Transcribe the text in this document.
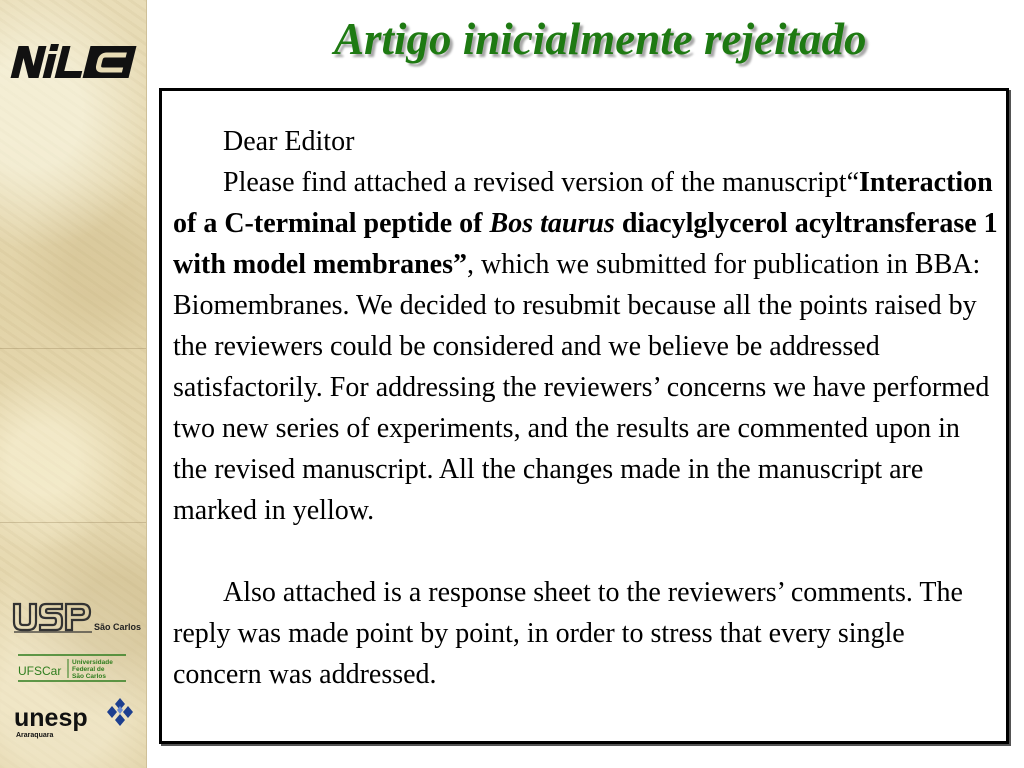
NILC
São Carlos
UFSCar
Universidade
Federal de
São Carlos
unesp
Araraquara
Artigo inicialmente rejeitado

Dear Editor

Please find attached a revised version of the manuscript“Interaction of a C-terminal peptide of Bos taurus diacylglycerol acyltransferase 1 with model membranes”, which we submitted for publication in BBA: Biomembranes. We decided to resubmit because all the points raised by the reviewers could be considered and we believe be addressed satisfactorily. For addressing the reviewers’ concerns we have performed two new series of experiments, and the results are commented upon in the revised manuscript. All the changes made in the manuscript are marked in yellow.

Also attached is a response sheet to the reviewers’ comments. The reply was made point by point, in order to stress that every single concern was addressed.
